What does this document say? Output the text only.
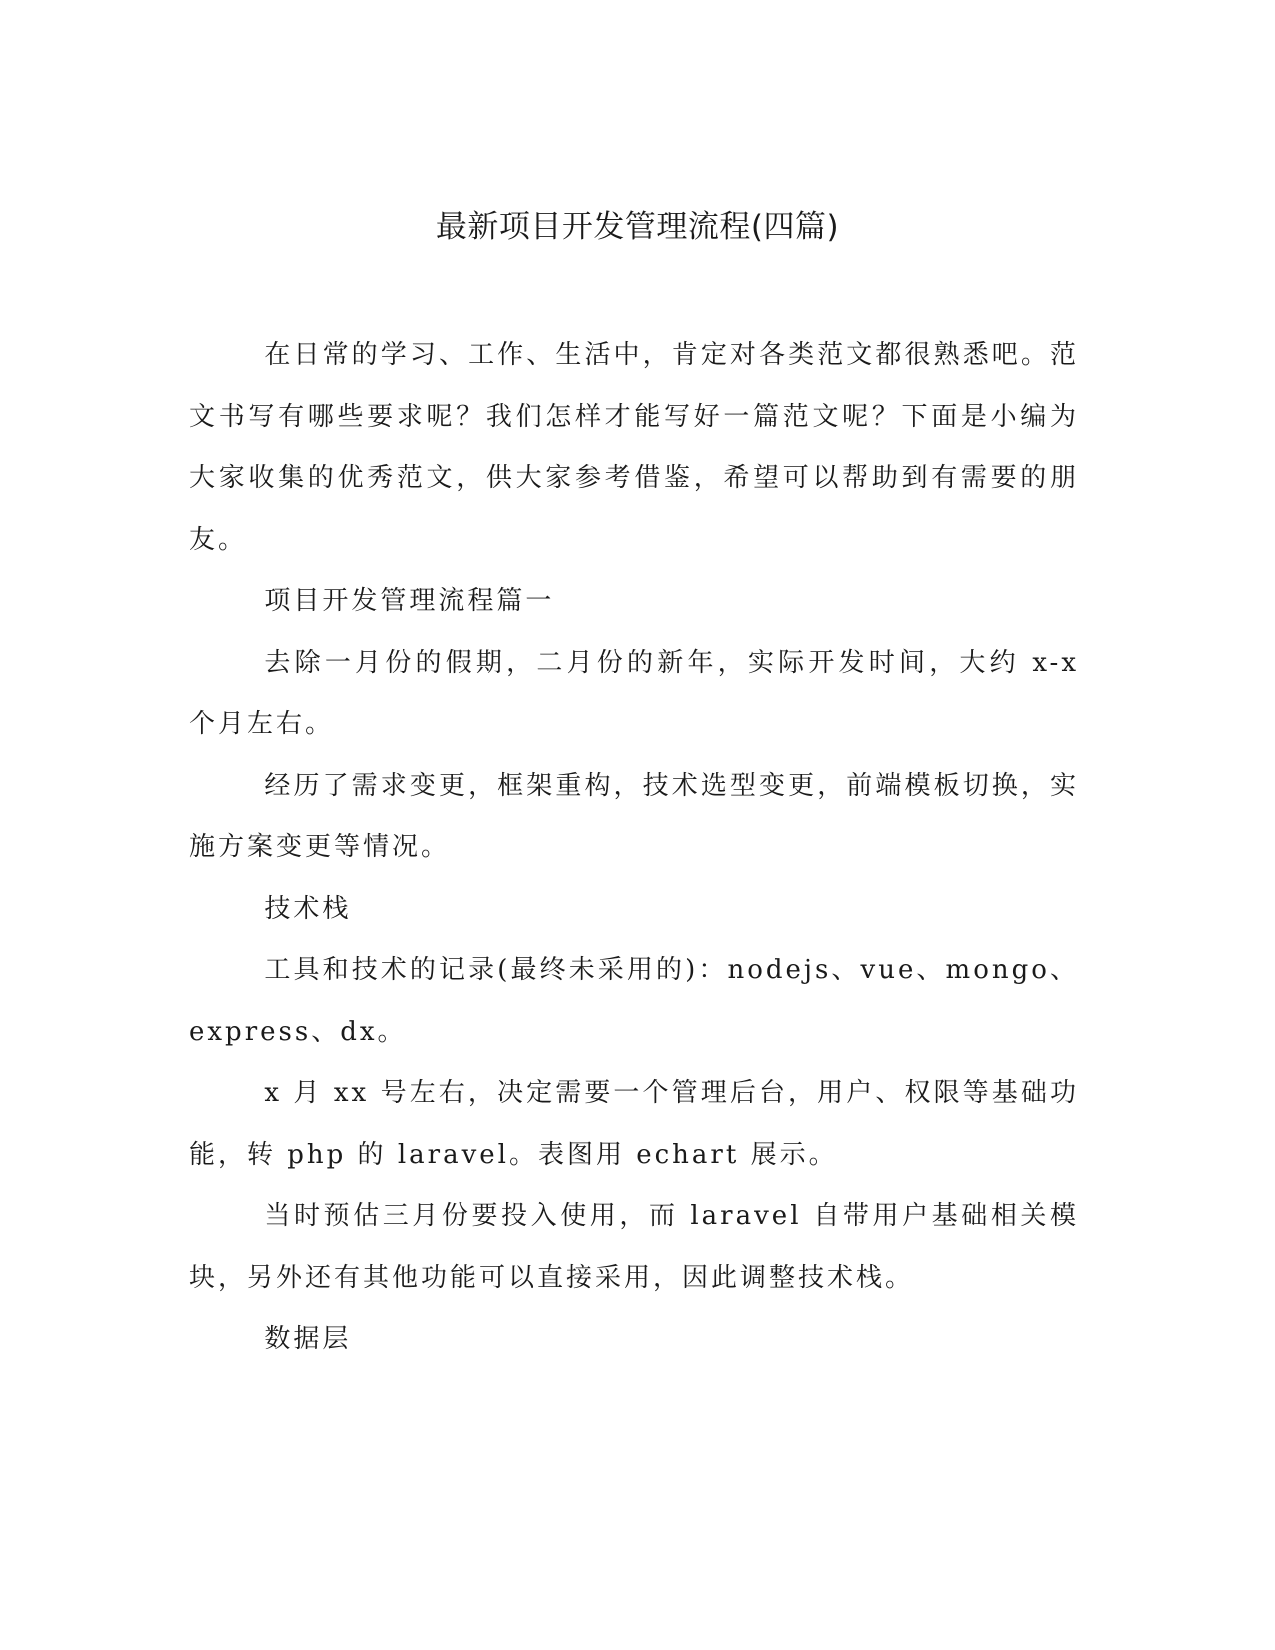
最新项目开发管理流程(四篇)

在日常的学习、工作、生活中，肯定对各类范文都很熟悉吧。范文书写有哪些要求呢？我们怎样才能写好一篇范文呢？下面是小编为大家收集的优秀范文，供大家参考借鉴，希望可以帮助到有需要的朋友。

项目开发管理流程篇一

去除一月份的假期，二月份的新年，实际开发时间，大约 x-x 个月左右。

经历了需求变更，框架重构，技术选型变更，前端模板切换，实施方案变更等情况。

技术栈

工具和技术的记录(最终未采用的)：nodejs、vue、mongo、express、dx。

x 月 xx 号左右，决定需要一个管理后台，用户、权限等基础功能，转 php 的 laravel。表图用 echart 展示。

当时预估三月份要投入使用，而 laravel 自带用户基础相关模块，另外还有其他功能可以直接采用，因此调整技术栈。

数据层
